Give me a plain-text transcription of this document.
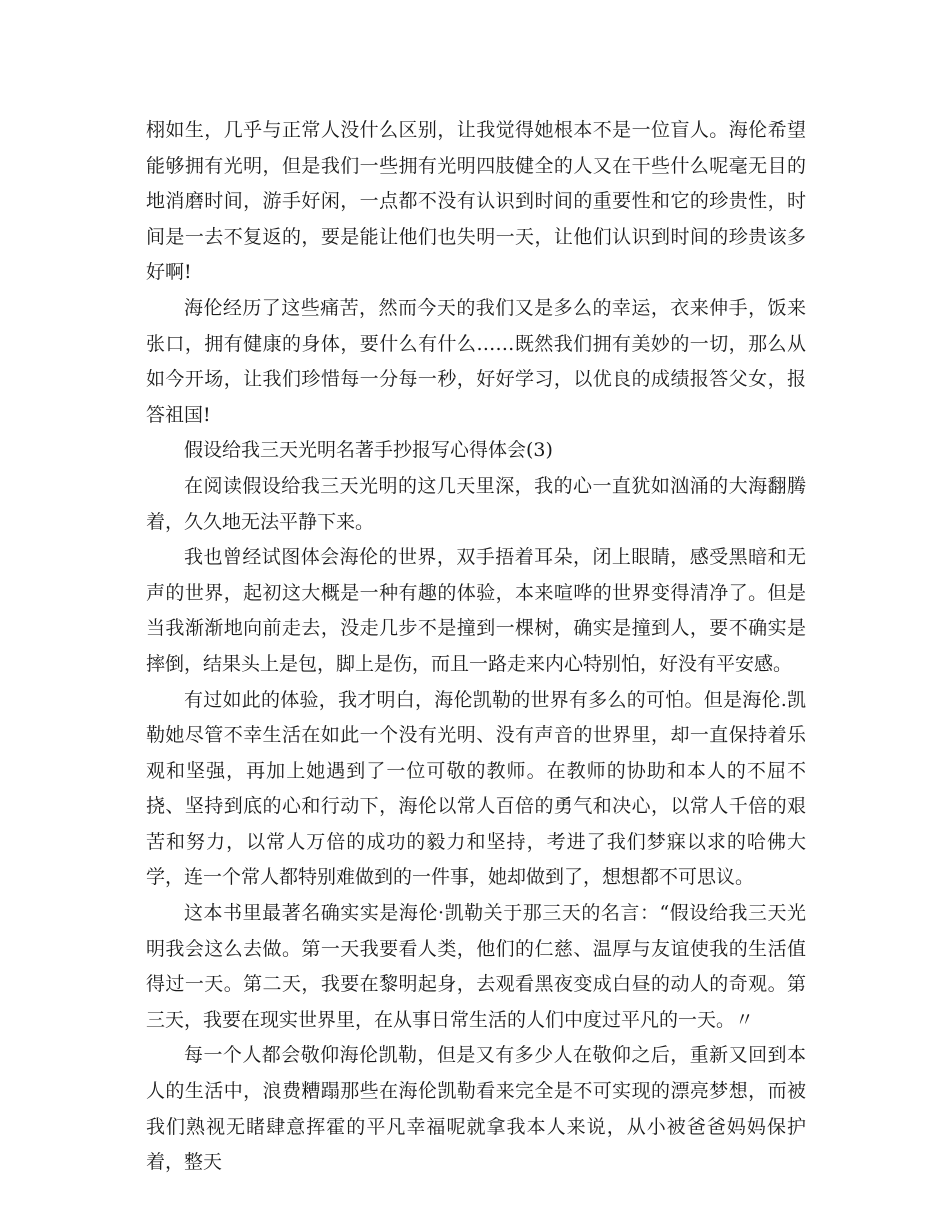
栩如生，几乎与正常人没什么区别，让我觉得她根本不是一位盲人。海伦希望能够拥有光明，但是我们一些拥有光明四肢健全的人又在干些什么呢毫无目的地消磨时间，游手好闲，一点都不没有认识到时间的重要性和它的珍贵性，时间是一去不复返的，要是能让他们也失明一天，让他们认识到时间的珍贵该多好啊!

海伦经历了这些痛苦，然而今天的我们又是多么的幸运，衣来伸手，饭来张口，拥有健康的身体，要什么有什么……既然我们拥有美妙的一切，那么从如今开场，让我们珍惜每一分每一秒，好好学习，以优良的成绩报答父女，报答祖国!

假设给我三天光明名著手抄报写心得体会(3)

在阅读假设给我三天光明的这几天里深，我的心一直犹如汹涌的大海翻腾着，久久地无法平静下来。

我也曾经试图体会海伦的世界，双手捂着耳朵，闭上眼睛，感受黑暗和无声的世界，起初这大概是一种有趣的体验，本来喧哗的世界变得清净了。但是当我渐渐地向前走去，没走几步不是撞到一棵树，确实是撞到人，要不确实是摔倒，结果头上是包，脚上是伤，而且一路走来内心特别怕，好没有平安感。

有过如此的体验，我才明白，海伦凯勒的世界有多么的可怕。但是海伦.凯勒她尽管不幸生活在如此一个没有光明、没有声音的世界里，却一直保持着乐观和坚强，再加上她遇到了一位可敬的教师。在教师的协助和本人的不屈不挠、坚持到底的心和行动下，海伦以常人百倍的勇气和决心，以常人千倍的艰苦和努力，以常人万倍的成功的毅力和坚持，考进了我们梦寐以求的哈佛大学，连一个常人都特别难做到的一件事，她却做到了，想想都不可思议。

这本书里最著名确实实是海伦·凯勒关于那三天的名言：“假设给我三天光明我会这么去做。第一天我要看人类，他们的仁慈、温厚与友谊使我的生活值得过一天。第二天，我要在黎明起身，去观看黑夜变成白昼的动人的奇观。第三天，我要在现实世界里，在从事日常生活的人们中度过平凡的一天。〃

每一个人都会敬仰海伦凯勒，但是又有多少人在敬仰之后，重新又回到本人的生活中，浪费糟蹋那些在海伦凯勒看来完全是不可实现的漂亮梦想，而被我们熟视无睹肆意挥霍的平凡幸福呢就拿我本人来说，从小被爸爸妈妈保护着，整天
